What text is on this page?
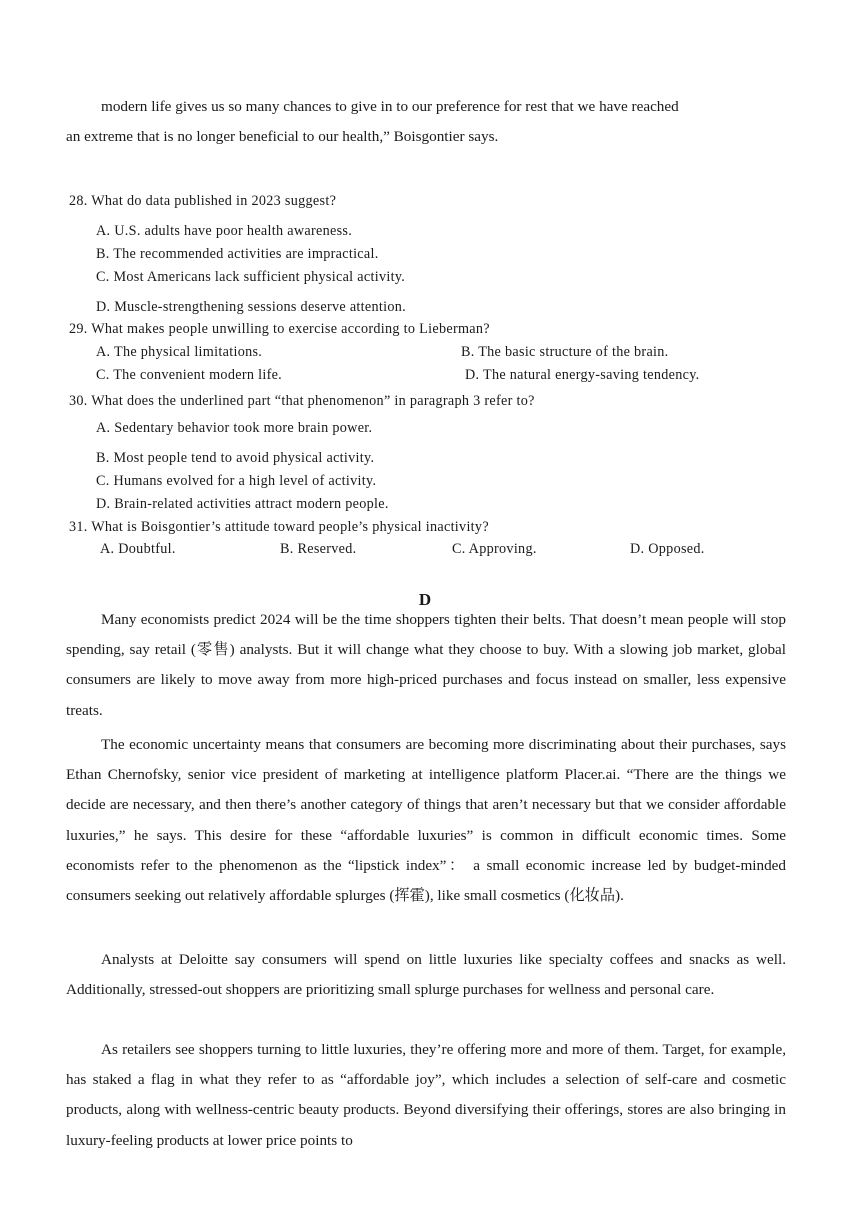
modern life gives us so many chances to give in to our preference for rest that we have reached
an extreme that is no longer beneficial to our health,” Boisgontier says.
28. What do data published in 2023 suggest?
A. U.S. adults have poor health awareness.
B. The recommended activities are impractical.
C. Most Americans lack sufficient physical activity.
D. Muscle-strengthening sessions deserve attention.
29. What makes people unwilling to exercise according to Lieberman?
A. The physical limitations.	B. The basic structure of the brain.
C. The convenient modern life.	D. The natural energy-saving tendency.
30. What does the underlined part “that phenomenon” in paragraph 3 refer to?
A. Sedentary behavior took more brain power.
B. Most people tend to avoid physical activity.
C. Humans evolved for a high level of activity.
D. Brain-related activities attract modern people.
31. What is Boisgontier’s attitude toward people’s physical inactivity?
A. Doubtful.	B. Reserved.	C. Approving.	D. Opposed.
D
Many economists predict 2024 will be the time shoppers tighten their belts. That doesn’t mean people will stop spending, say retail (零售) analysts. But it will change what they choose to buy. With a slowing job market, global consumers are likely to move away from more high-priced purchases and focus instead on smaller, less expensive treats.
The economic uncertainty means that consumers are becoming more discriminating about their purchases, says Ethan Chernofsky, senior vice president of marketing at intelligence platform Placer.ai. “There are the things we decide are necessary, and then there’s another category of things that aren’t necessary but that we consider affordable luxuries,” he says. This desire for these “affordable luxuries” is common in difficult economic times. Some economists refer to the phenomenon as the “lipstick index”： a small economic increase led by budget-minded consumers seeking out relatively affordable splurges (挥霍), like small cosmetics (化妆品).
Analysts at Deloitte say consumers will spend on little luxuries like specialty coffees and snacks as well. Additionally, stressed-out shoppers are prioritizing small splurge purchases for wellness and personal care.
As retailers see shoppers turning to little luxuries, they’re offering more and more of them. Target, for example, has staked a flag in what they refer to as “affordable joy”, which includes a selection of self-care and cosmetic products, along with wellness-centric beauty products. Beyond diversifying their offerings, stores are also bringing in luxury-feeling products at lower price points to
